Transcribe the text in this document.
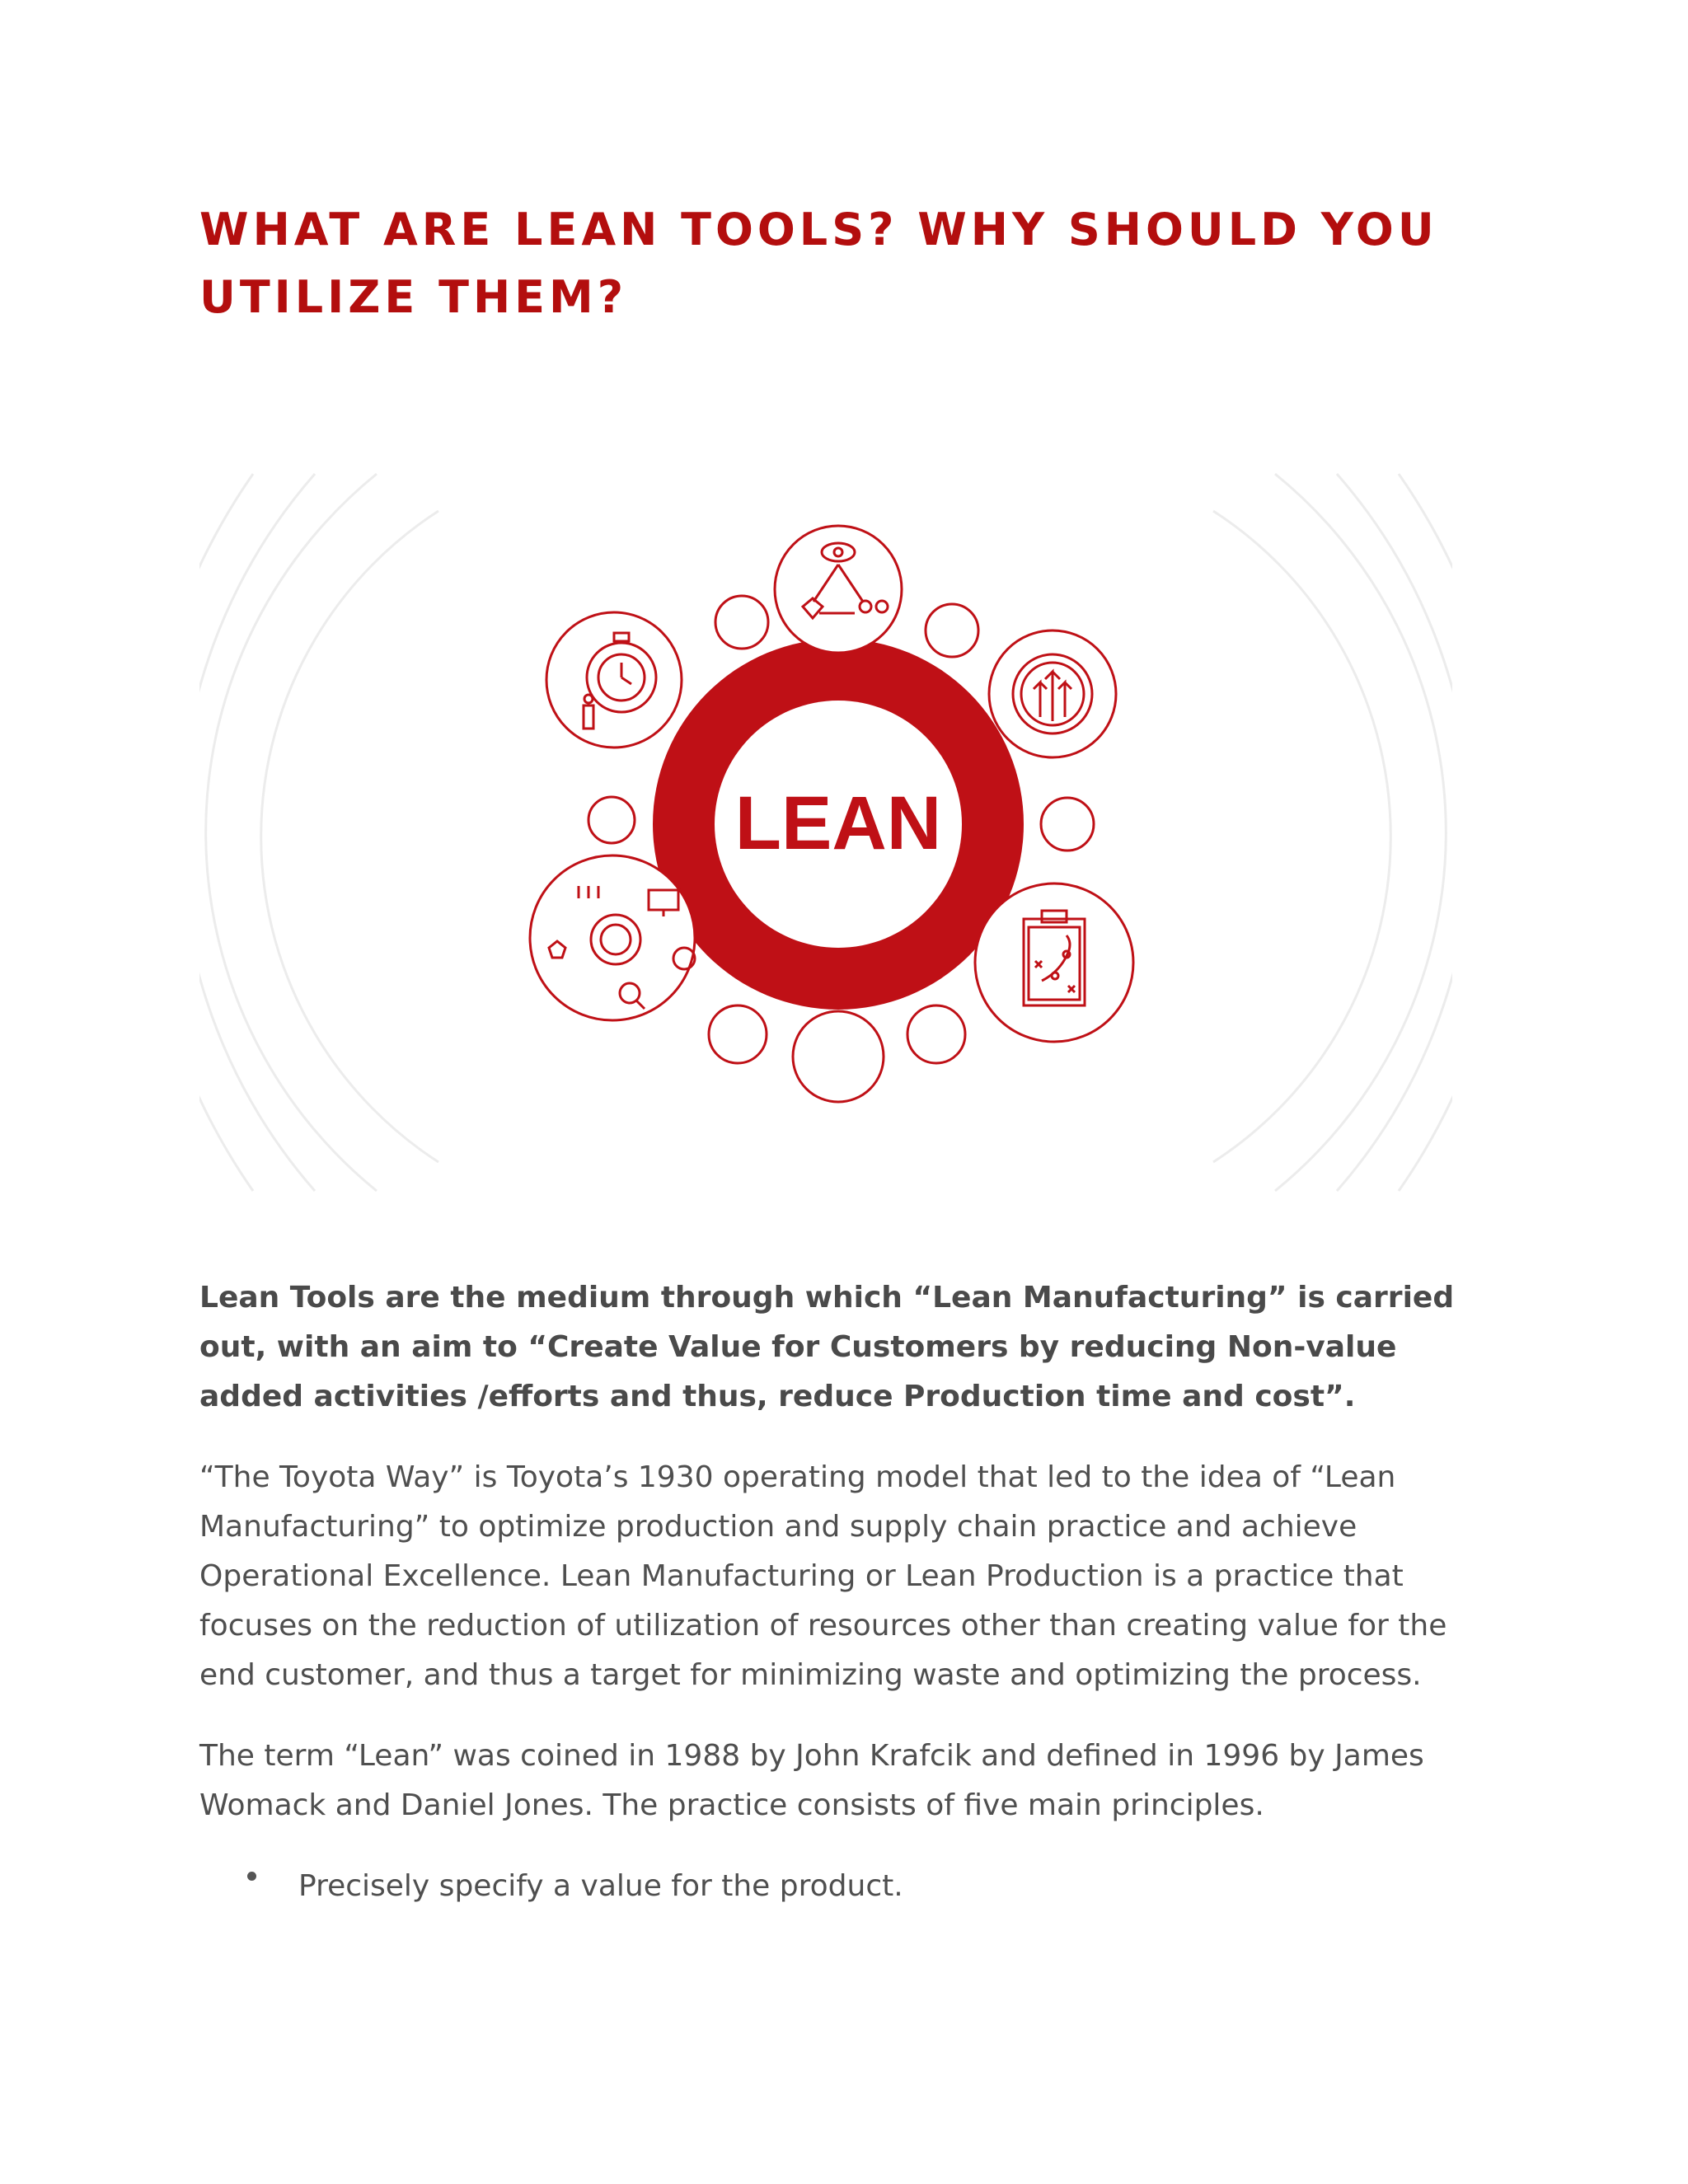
WHAT ARE LEAN TOOLS? WHY SHOULD YOU UTILIZE THEM?
LEAN

Lean Tools are the medium through which “Lean Manufacturing” is carried out, with an aim to “Create Value for Customers by reducing Non-value added activities /efforts and thus, reduce Production time and cost”.

“The Toyota Way” is Toyota’s 1930 operating model that led to the idea of “Lean Manufacturing” to optimize production and supply chain practice and achieve Operational Excellence. Lean Manufacturing or Lean Production is a practice that focuses on the reduction of utilization of resources other than creating value for the end customer, and thus a target for minimizing waste and optimizing the process.

The term “Lean” was coined in 1988 by John Krafcik and defined in 1996 by James Womack and Daniel Jones. The practice consists of five main principles.

Precisely specify a value for the product.
